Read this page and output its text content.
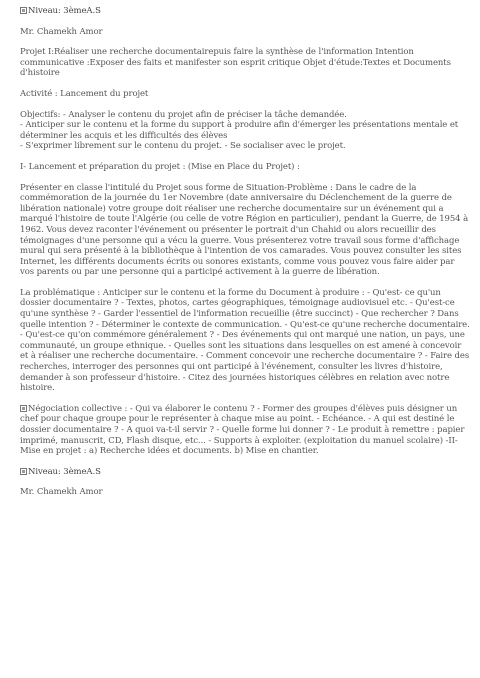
Niveau: 3èmeA.S

Mr. Chamekh Amor

Projet I:Réaliser une recherche documentairepuis faire la synthèse de l'information Intention communicative :Exposer des faits et manifester son esprit critique Objet d'étude:Textes et Documents d'histoire

Activité : Lancement du projet

Objectifs: - Analyser le contenu du projet afin de préciser la tâche demandée.

- Anticiper sur le contenu et la forme du support à produire afin d'émerger les présentations mentale et déterminer les acquis et les difficultés des élèves

- S'exprimer librement sur le contenu du projet. - Se socialiser avec le projet.

I- Lancement et préparation du projet : (Mise en Place du Projet) :

Présenter en classe l'intitulé du Projet sous forme de Situation-Problème : Dans le cadre de la commémoration de la journée du 1er Novembre (date anniversaire du Déclenchement de la guerre de libération nationale) votre groupe doit réaliser une recherche documentaire sur un événement qui a marqué l'histoire de toute l'Algérie (ou celle de votre Région en particulier), pendant la Guerre, de 1954 à 1962. Vous devez raconter l'événement ou présenter le portrait d'un Chahid ou alors recueillir des témoignages d'une personne qui a vécu la guerre. Vous présenterez votre travail sous forme d'affichage mural qui sera présenté à la bibliothèque à l'intention de vos camarades. Vous pouvez consulter les sites Internet, les différents documents écrits ou sonores existants, comme vous pouvez vous faire aider par vos parents ou par une personne qui a participé activement à la guerre de libération.

La problématique : Anticiper sur le contenu et la forme du Document à produire : - Qu'est- ce qu'un dossier documentaire ? - Textes, photos, cartes géographiques, témoignage audiovisuel etc. - Qu'est-ce qu'une synthèse ? - Garder l'essentiel de l'information recueillie (être succinct) - Que rechercher ? Dans quelle intention ? - Déterminer le contexte de communication. - Qu'est-ce qu'une recherche documentaire. - Qu'est-ce qu'on commémore généralement ? - Des événements qui ont marqué une nation, un pays, une communauté, un groupe ethnique. - Quelles sont les situations dans lesquelles on est amené à concevoir et à réaliser une recherche documentaire. - Comment concevoir une recherche documentaire ? - Faire des recherches, interroger des personnes qui ont participé à l'événement, consulter les livres d'histoire, demander à son professeur d'histoire. - Citez des journées historiques célèbres en relation avec notre histoire.

Négociation collective : - Qui va élaborer le contenu ? - Former des groupes d'élèves puis désigner un chef pour chaque groupe pour le représenter à chaque mise au point. - Echéance. - A qui est destiné le dossier documentaire ? - A quoi va-t-il servir ? - Quelle forme lui donner ? - Le produit à remettre : papier imprimé, manuscrit, CD, Flash disque, etc... - Supports à exploiter. (exploitation du manuel scolaire) -II- Mise en projet : a) Recherche idées et documents. b) Mise en chantier.

Niveau: 3èmeA.S

Mr. Chamekh Amor
